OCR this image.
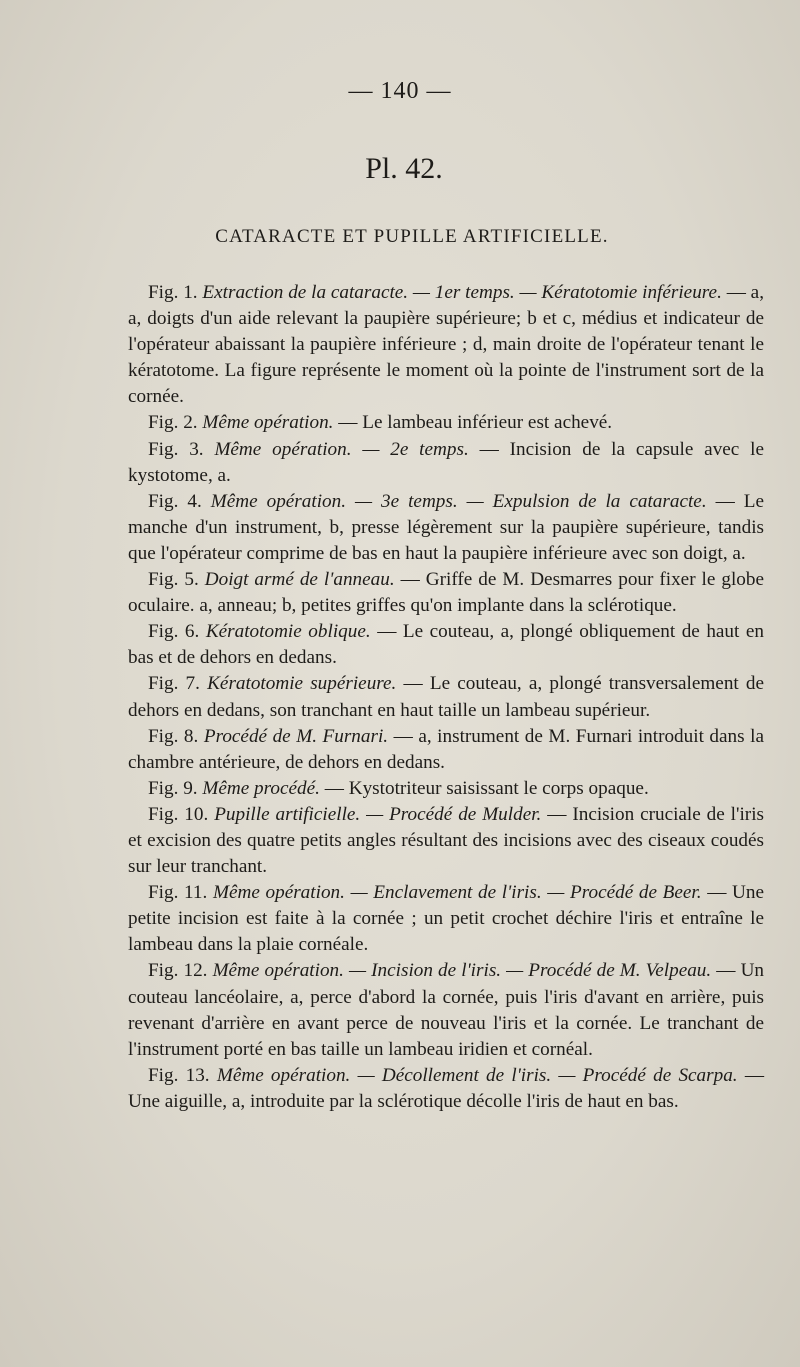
— 140 —
Pl. 42.
CATARACTE ET PUPILLE ARTIFICIELLE.

Fig. 1. Extraction de la cataracte. — 1er temps. — Kératotomie inférieure. — a, a, doigts d'un aide relevant la paupière supérieure; b et c, médius et indicateur de l'opérateur abaissant la paupière inférieure ; d, main droite de l'opérateur tenant le kératotome. La figure représente le moment où la pointe de l'instrument sort de la cornée.

Fig. 2. Même opération. — Le lambeau inférieur est achevé.

Fig. 3. Même opération. — 2e temps. — Incision de la capsule avec le kystotome, a.

Fig. 4. Même opération. — 3e temps. — Expulsion de la cataracte. — Le manche d'un instrument, b, presse légèrement sur la paupière supérieure, tandis que l'opérateur comprime de bas en haut la paupière inférieure avec son doigt, a.

Fig. 5. Doigt armé de l'anneau. — Griffe de M. Desmarres pour fixer le globe oculaire. a, anneau; b, petites griffes qu'on implante dans la sclérotique.

Fig. 6. Kératotomie oblique. — Le couteau, a, plongé obliquement de haut en bas et de dehors en dedans.

Fig. 7. Kératotomie supérieure. — Le couteau, a, plongé transversalement de dehors en dedans, son tranchant en haut taille un lambeau supérieur.

Fig. 8. Procédé de M. Furnari. — a, instrument de M. Furnari introduit dans la chambre antérieure, de dehors en dedans.

Fig. 9. Même procédé. — Kystotriteur saisissant le corps opaque.

Fig. 10. Pupille artificielle. — Procédé de Mulder. — Incision cruciale de l'iris et excision des quatre petits angles résultant des incisions avec des ciseaux coudés sur leur tranchant.

Fig. 11. Même opération. — Enclavement de l'iris. — Procédé de Beer. — Une petite incision est faite à la cornée ; un petit crochet déchire l'iris et entraîne le lambeau dans la plaie cornéale.

Fig. 12. Même opération. — Incision de l'iris. — Procédé de M. Velpeau. — Un couteau lancéolaire, a, perce d'abord la cornée, puis l'iris d'avant en arrière, puis revenant d'arrière en avant perce de nouveau l'iris et la cornée. Le tranchant de l'instrument porté en bas taille un lambeau iridien et cornéal.

Fig. 13. Même opération. — Décollement de l'iris. — Procédé de Scarpa. — Une aiguille, a, introduite par la sclérotique décolle l'iris de haut en bas.
